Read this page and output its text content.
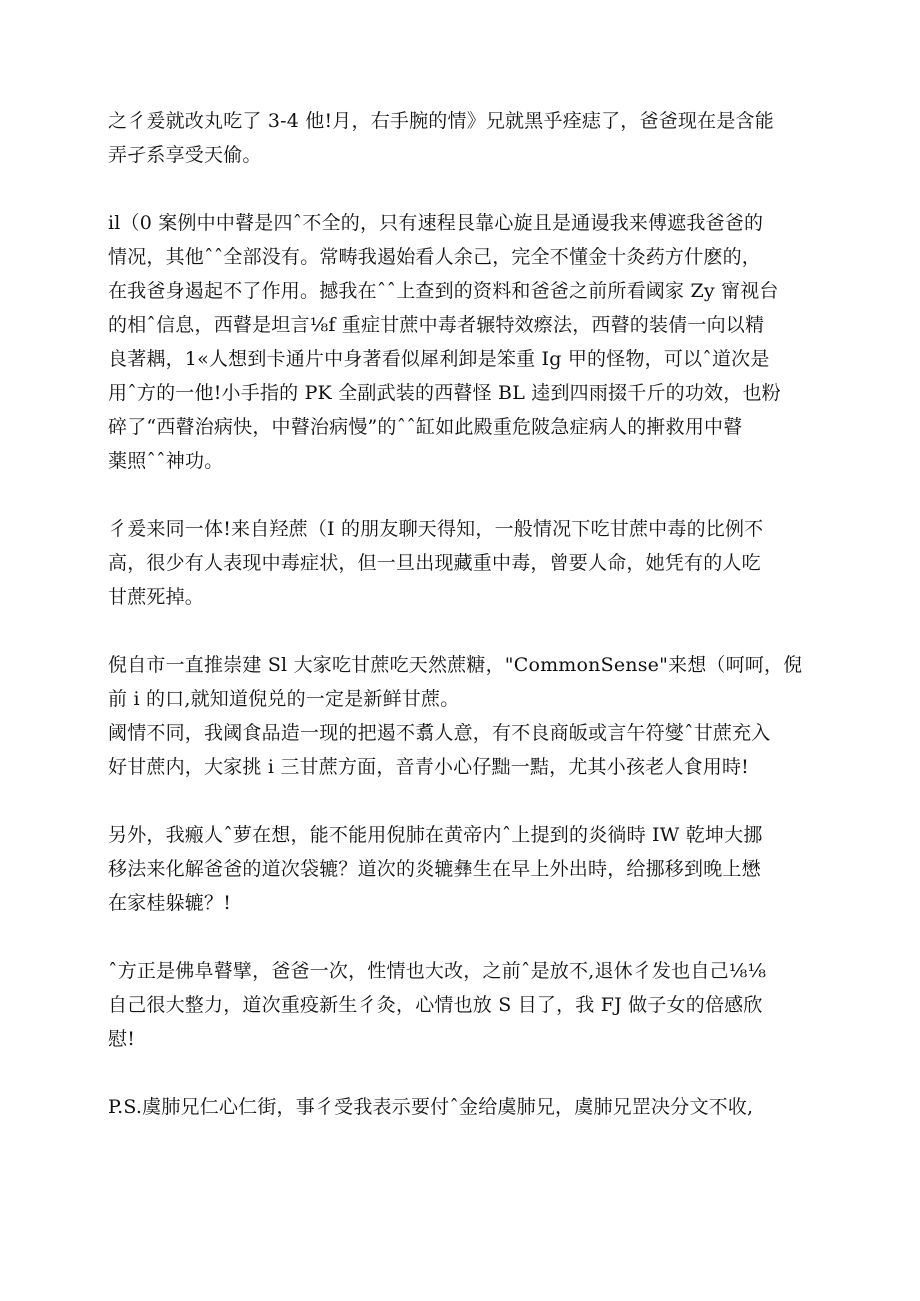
之彳爰就改丸吃了 3-4 他!月，右手腕的情》兄就黑乎痊痣了，爸爸现在是含能
弄孑系享受天偷。
il（0 案例中中瞽是四ˆ不全的，只有速程艮靠心旋且是通谩我来傅遮我爸爸的
情况，其他ˆˆ全部没有。常畴我遏始看人余己，完全不懂金十灸药方什麽的，
在我爸身遏起不了作用。撼我在ˆˆ上查到的资料和爸爸之前所看阈家 Zy 甯视台
的相ˆ信息，西瞽是坦言⅛f 重症甘蔗中毒者辗特效瘵法，西瞽的装倩一向以精
良著耦，1«人想到卡通片中身著看似犀利卸是笨重 Ig 甲的怪物，可以ˆ道次是
用ˆ方的一他!小手指的 PK 全副武装的西瞽怪 BL 逵到四雨掇千斤的功效，也粉
碎了“西瞽治病快，中瞽治病慢”的ˆˆ缸如此殿重危陂急症病人的搟救用中瞽
薬照ˆˆ神功。
彳爰来同一体!来自羟蔗（I 的朋友聊天得知，一般情况下吃甘蔗中毒的比例不
高，很少有人表现中毒症状，但一旦出现藏重中毒，曾要人命，她凭有的人吃
甘蔗死掉。
倪自市一直推崇建 Sl 大家吃甘蔗吃天然蔗糖，"CommonSense"来想（呵呵，倪
前 i 的口,就知道倪兑的一定是新鲜甘蔗。
阈情不同，我阈食品造一现的把遏不翥人意，有不良商皈或言午符燮ˆ甘蔗充入
好甘蔗内，大家挑 i 三甘蔗方面，音青小心仔黜一黠，尤其小孩老人食用時!
另外，我瘢人ˆ萝在想，能不能用倪肺在黄帝内ˆ上提到的炎徜時 IW 乾坤大挪
移法来化解爸爸的道次袋辘？道次的炎辘彝生在早上外出時，给挪移到晚上懋
在家桂躲辘？!
ˆ方正是佛阜瞽擘，爸爸一次，性情也大改，之前ˆ是放不,退休彳发也自己⅛⅛
自己很大整力，道次重疫新生彳灸，心情也放 S 目了，我 FJ 做子女的倍感欣
慰!
P.S.虞肺兄仁心仁街，事彳受我表示要付ˆ金给虞肺兄，虞肺兄罡决分文不收,
